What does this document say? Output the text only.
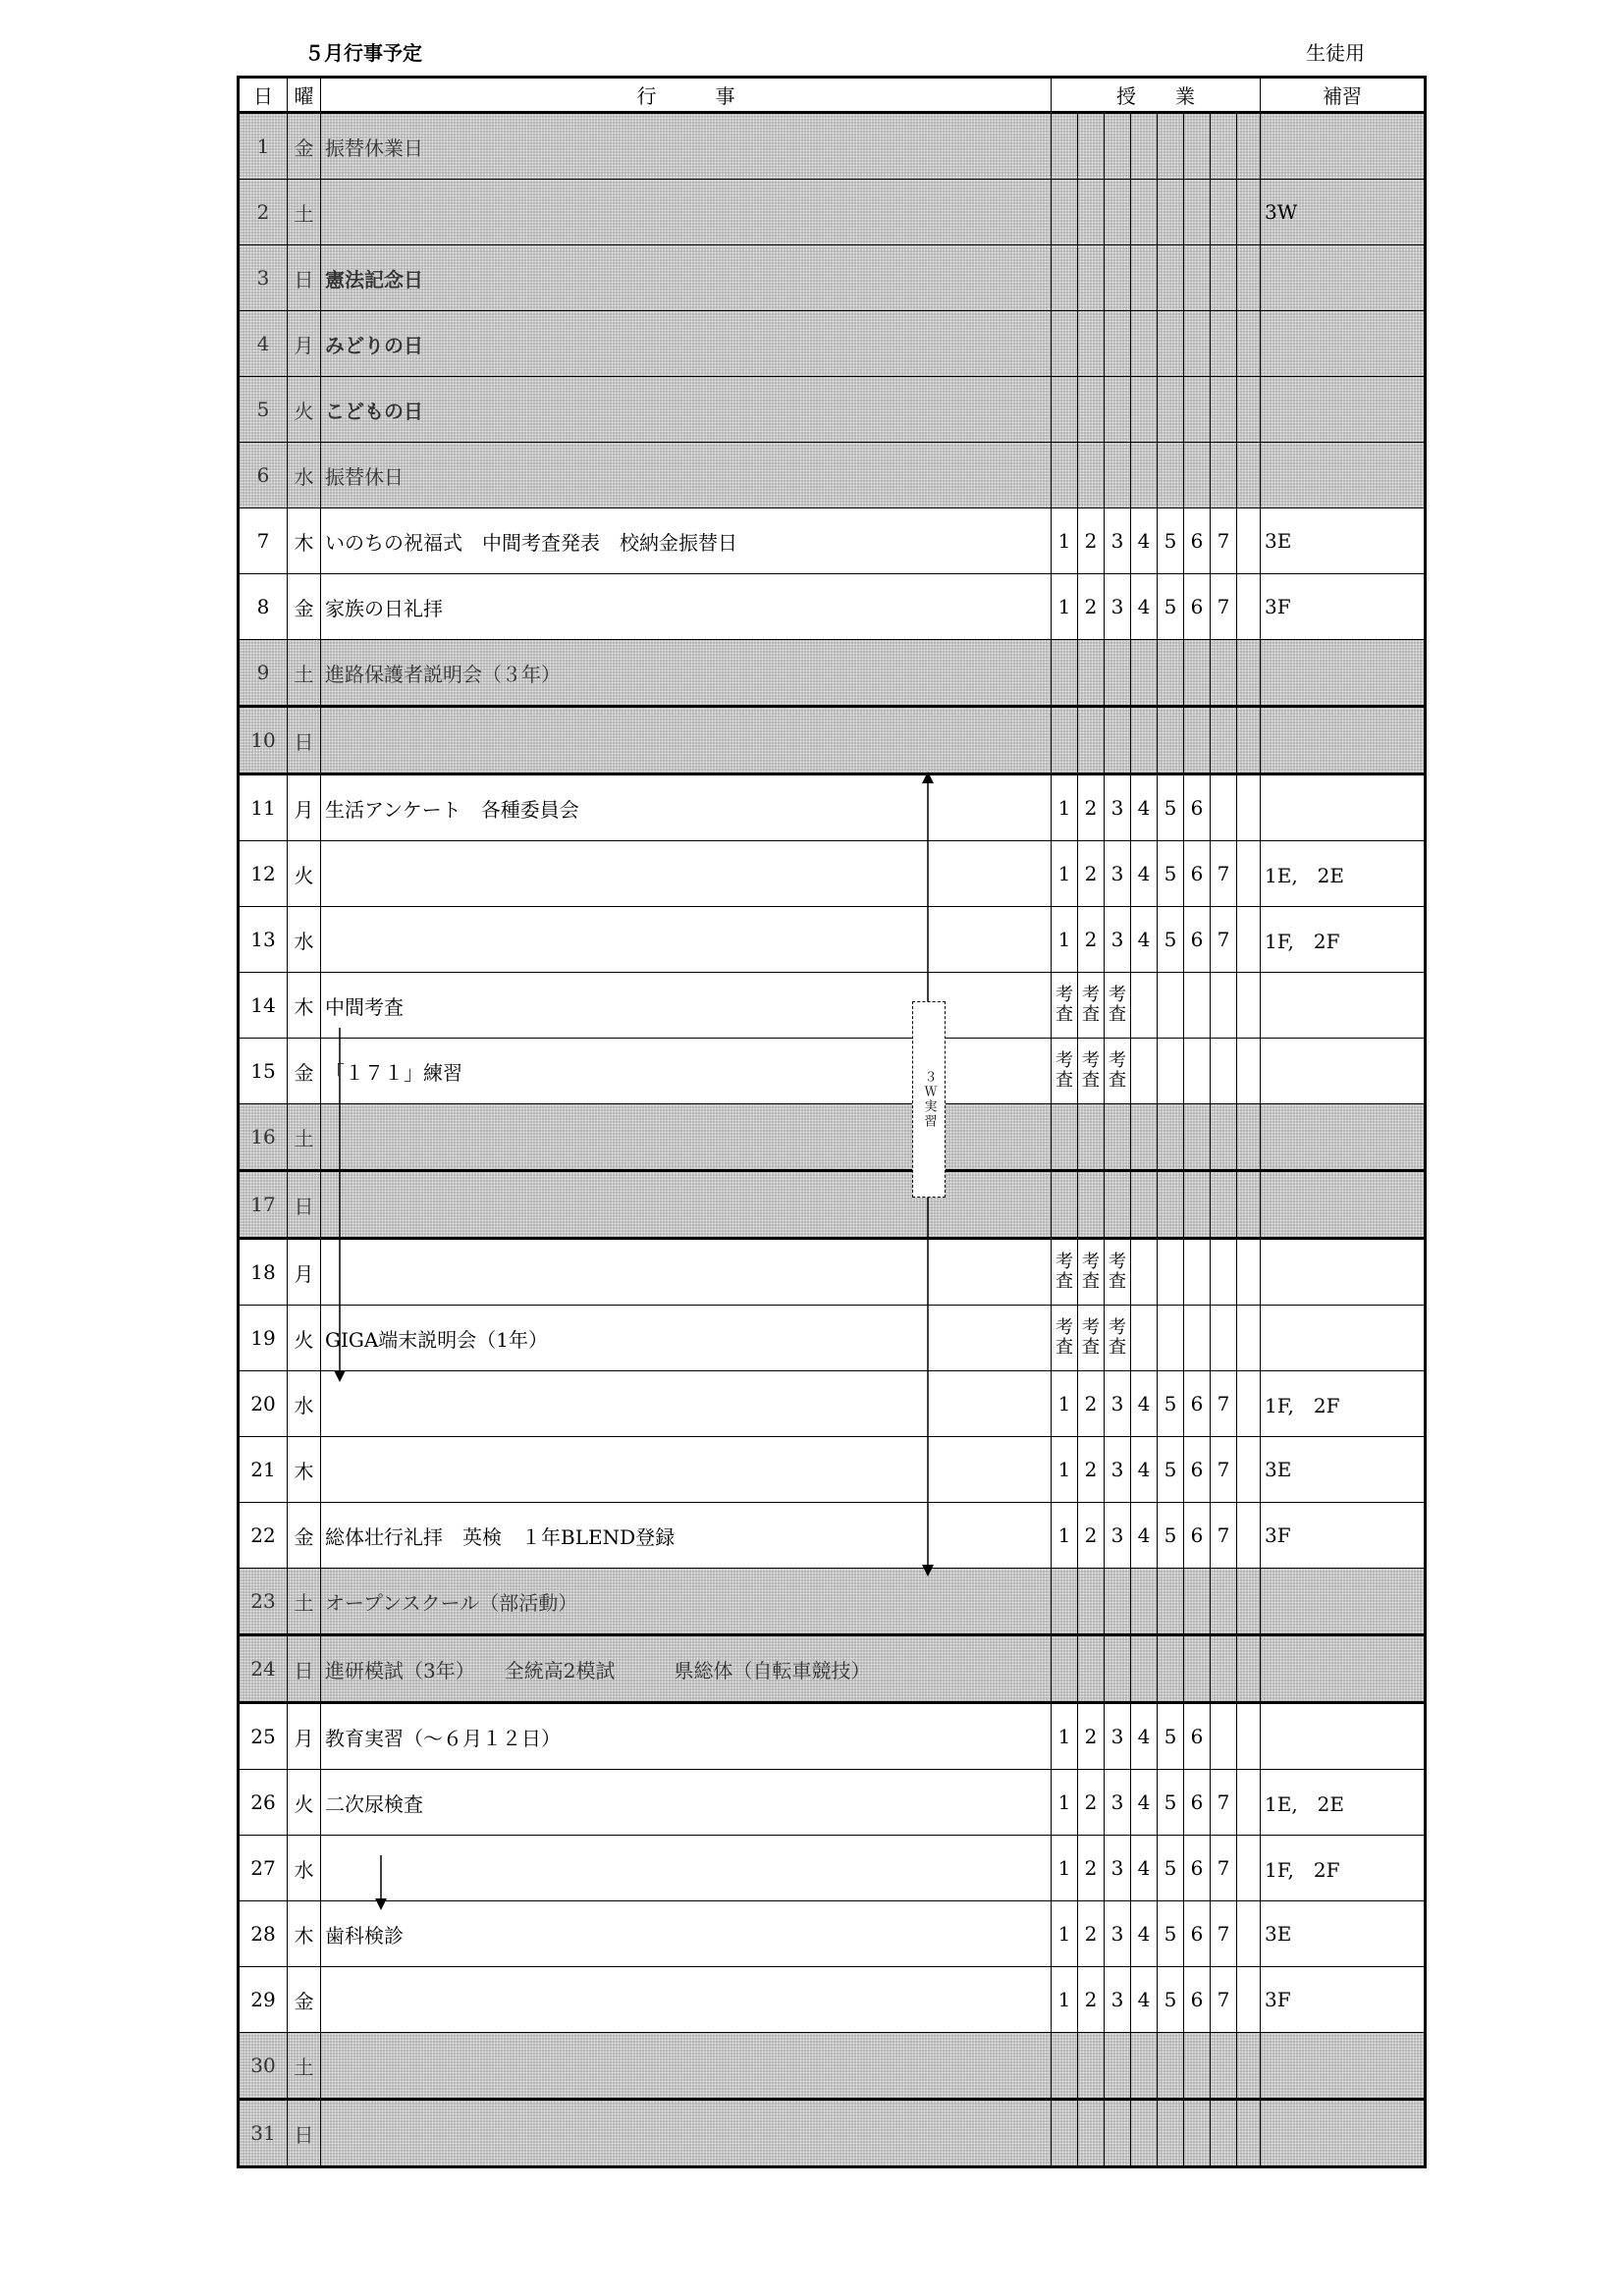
５月行事予定	生徒用
日	曜	行　　　事	授　　業								補習
1	金	振替休業日									
2	土										3W
3	日	憲法記念日									
4	月	みどりの日									
5	火	こどもの日									
6	水	振替休日									
7	木	いのちの祝福式　中間考査発表　校納金振替日	1	2	3	4	5	6	7		3E
8	金	家族の日礼拝	1	2	3	4	5	6	7		3F
9	土	進路保護者説明会（３年）									
10	日										
11	月	生活アンケート　各種委員会	1	2	3	4	5	6			
12	火		1	2	3	4	5	6	7		1E,　2E
13	水		1	2	3	4	5	6	7		1F,　2F
14	木	中間考査	考査	考査	考査						
15	金	「１７１」練習	考査	考査	考査						
16	土										
17	日										
18	月		考査	考査	考査						
19	火	GIGA端末説明会（1年）	考査	考査	考査						
20	水		1	2	3	4	5	6	7		1F,　2F
21	木		1	2	3	4	5	6	7		3E
22	金	総体壮行礼拝　英検　１年BLEND登録	1	2	3	4	5	6	7		3F
23	土	オープンスクール（部活動）									
24	日	進研模試（3年）　　全統高2模試　　　県総体（自転車競技）									
25	月	教育実習（～６月１２日）	1	2	3	4	5	6			
26	火	二次尿検査	1	2	3	4	5	6	7		1E,　2E
27	水		1	2	3	4	5	6	7		1F,　2F
28	木	歯科検診	1	2	3	4	5	6	7		3E
29	金		1	2	3	4	5	6	7		3F
30	土										
31	日										
３Ｗ実習
